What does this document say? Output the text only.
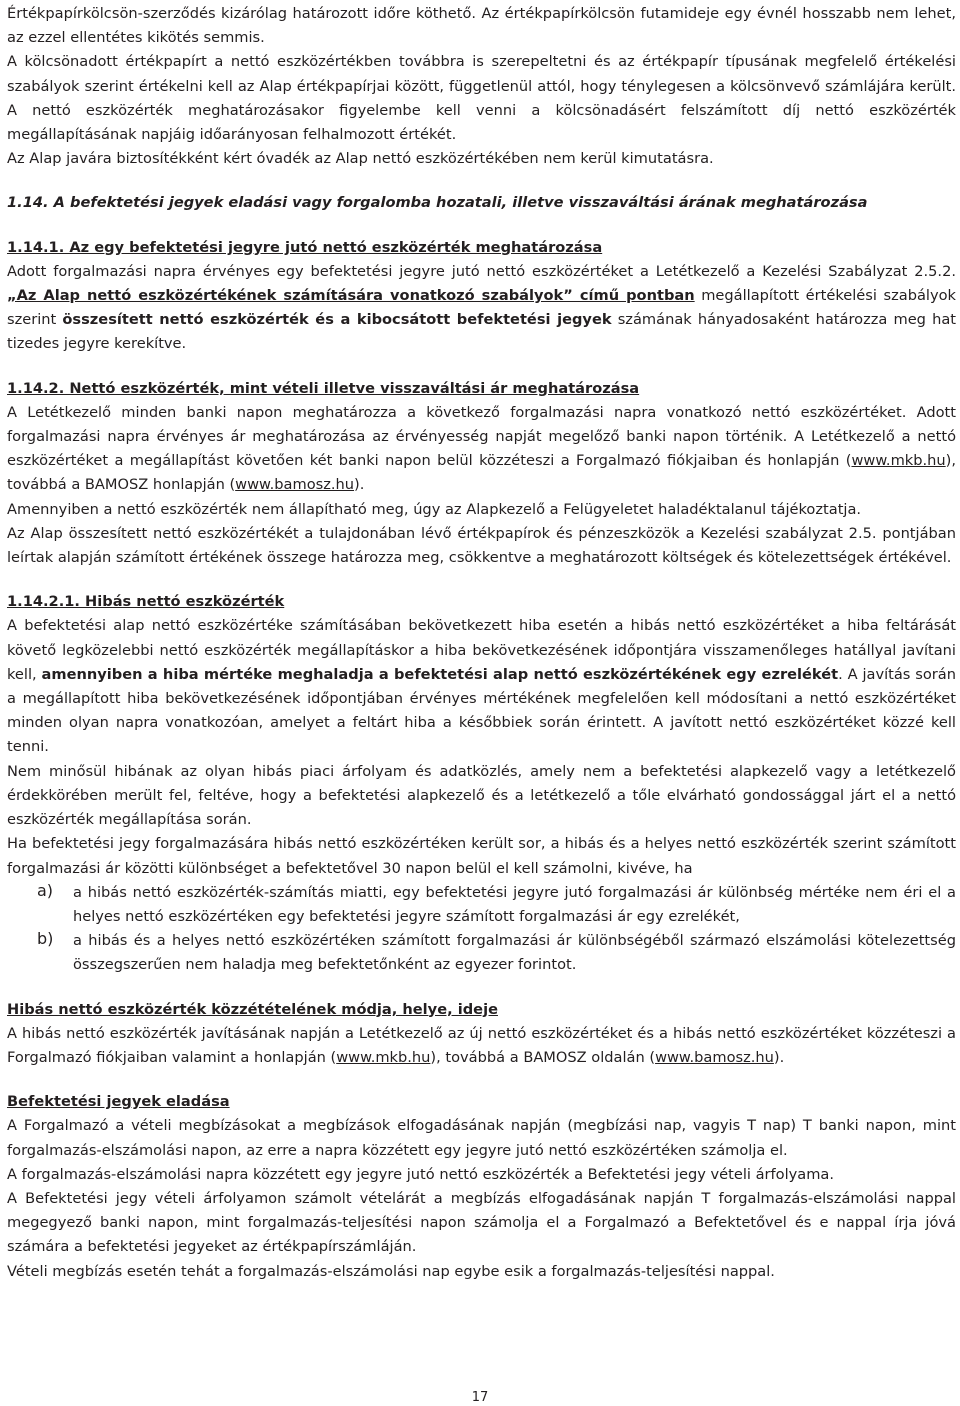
Értékpapírkölcsön-szerződés kizárólag határozott időre köthető. Az értékpapírkölcsön futamideje egy évnél hosszabb nem lehet, az ezzel ellentétes kikötés semmis.

A kölcsönadott értékpapírt a nettó eszközértékben továbbra is szerepeltetni és az értékpapír típusának megfelelő értékelési szabályok szerint értékelni kell az Alap értékpapírjai között, függetlenül attól, hogy ténylegesen a kölcsönvevő számlájára került. A nettó eszközérték meghatározásakor figyelembe kell venni a kölcsönadásért felszámított díj nettó eszközérték megállapításának napjáig időarányosan felhalmozott értékét.

Az Alap javára biztosítékként kért óvadék az Alap nettó eszközértékében nem kerül kimutatásra.

1.14. A befektetési jegyek eladási vagy forgalomba hozatali, illetve visszaváltási árának meghatározása
1.14.1. Az egy befektetési jegyre jutó nettó eszközérték meghatározása

Adott forgalmazási napra érvényes egy befektetési jegyre jutó nettó eszközértéket a Letétkezelő a Kezelési Szabályzat 2.5.2. „Az Alap nettó eszközértékének számítására vonatkozó szabályok” című pontban megállapított értékelési szabályok szerint összesített nettó eszközérték és a kibocsátott befektetési jegyek számának hányadosaként határozza meg hat tizedes jegyre kerekítve.

1.14.2. Nettó eszközérték, mint vételi illetve visszaváltási ár meghatározása

A Letétkezelő minden banki napon meghatározza a következő forgalmazási napra vonatkozó nettó eszközértéket. Adott forgalmazási napra érvényes ár meghatározása az érvényesség napját megelőző banki napon történik. A Letétkezelő a nettó eszközértéket a megállapítást követően két banki napon belül közzéteszi a Forgalmazó fiókjaiban és honlapján (www.mkb.hu), továbbá a BAMOSZ honlapján (www.bamosz.hu).

Amennyiben a nettó eszközérték nem állapítható meg, úgy az Alapkezelő a Felügyeletet haladéktalanul tájékoztatja.

Az Alap összesített nettó eszközértékét a tulajdonában lévő értékpapírok és pénzeszközök a Kezelési szabályzat 2.5. pontjában leírtak alapján számított értékének összege határozza meg, csökkentve a meghatározott költségek és kötelezettségek értékével.

1.14.2.1. Hibás nettó eszközérték

A befektetési alap nettó eszközértéke számításában bekövetkezett hiba esetén a hibás nettó eszközértéket a hiba feltárását követő legközelebbi nettó eszközérték megállapításkor a hiba bekövetkezésének időpontjára visszamenőleges hatállyal javítani kell, amennyiben a hiba mértéke meghaladja a befektetési alap nettó eszközértékének egy ezrelékét. A javítás során a megállapított hiba bekövetkezésének időpontjában érvényes mértékének megfelelően kell módosítani a nettó eszközértéket minden olyan napra vonatkozóan, amelyet a feltárt hiba a későbbiek során érintett. A javított nettó eszközértéket közzé kell tenni.

Nem minősül hibának az olyan hibás piaci árfolyam és adatközlés, amely nem a befektetési alapkezelő vagy a letétkezelő érdekkörében merült fel, feltéve, hogy a befektetési alapkezelő és a letétkezelő a tőle elvárható gondossággal járt el a nettó eszközérték megállapítása során.

Ha befektetési jegy forgalmazására hibás nettó eszközértéken került sor, a hibás és a helyes nettó eszközérték szerint számított forgalmazási ár közötti különbséget a befektetővel 30 napon belül el kell számolni, kivéve, ha

a) a hibás nettó eszközérték-számítás miatti, egy befektetési jegyre jutó forgalmazási ár különbség mértéke nem éri el a helyes nettó eszközértéken egy befektetési jegyre számított forgalmazási ár egy ezrelékét,

b) a hibás és a helyes nettó eszközértéken számított forgalmazási ár különbségéből származó elszámolási kötelezettség összegszerűen nem haladja meg befektetőnként az egyezer forintot.

Hibás nettó eszközérték közzétételének módja, helye, ideje

A hibás nettó eszközérték javításának napján a Letétkezelő az új nettó eszközértéket és a hibás nettó eszközértéket közzéteszi a Forgalmazó fiókjaiban valamint a honlapján (www.mkb.hu), továbbá a BAMOSZ oldalán (www.bamosz.hu).

Befektetési jegyek eladása

A Forgalmazó a vételi megbízásokat a megbízások elfogadásának napján (megbízási nap, vagyis T nap) T banki napon, mint forgalmazás-elszámolási napon, az erre a napra közzétett egy jegyre jutó nettó eszközértéken számolja el.

A forgalmazás-elszámolási napra közzétett egy jegyre jutó nettó eszközérték a Befektetési jegy vételi árfolyama.

A Befektetési jegy vételi árfolyamon számolt vételárát a megbízás elfogadásának napján T forgalmazás-elszámolási nappal megegyező banki napon, mint forgalmazás-teljesítési napon számolja el a Forgalmazó a Befektetővel és e nappal írja jóvá számára a befektetési jegyeket az értékpapírszámláján.

Vételi megbízás esetén tehát a forgalmazás-elszámolási nap egybe esik a forgalmazás-teljesítési nappal.

17
